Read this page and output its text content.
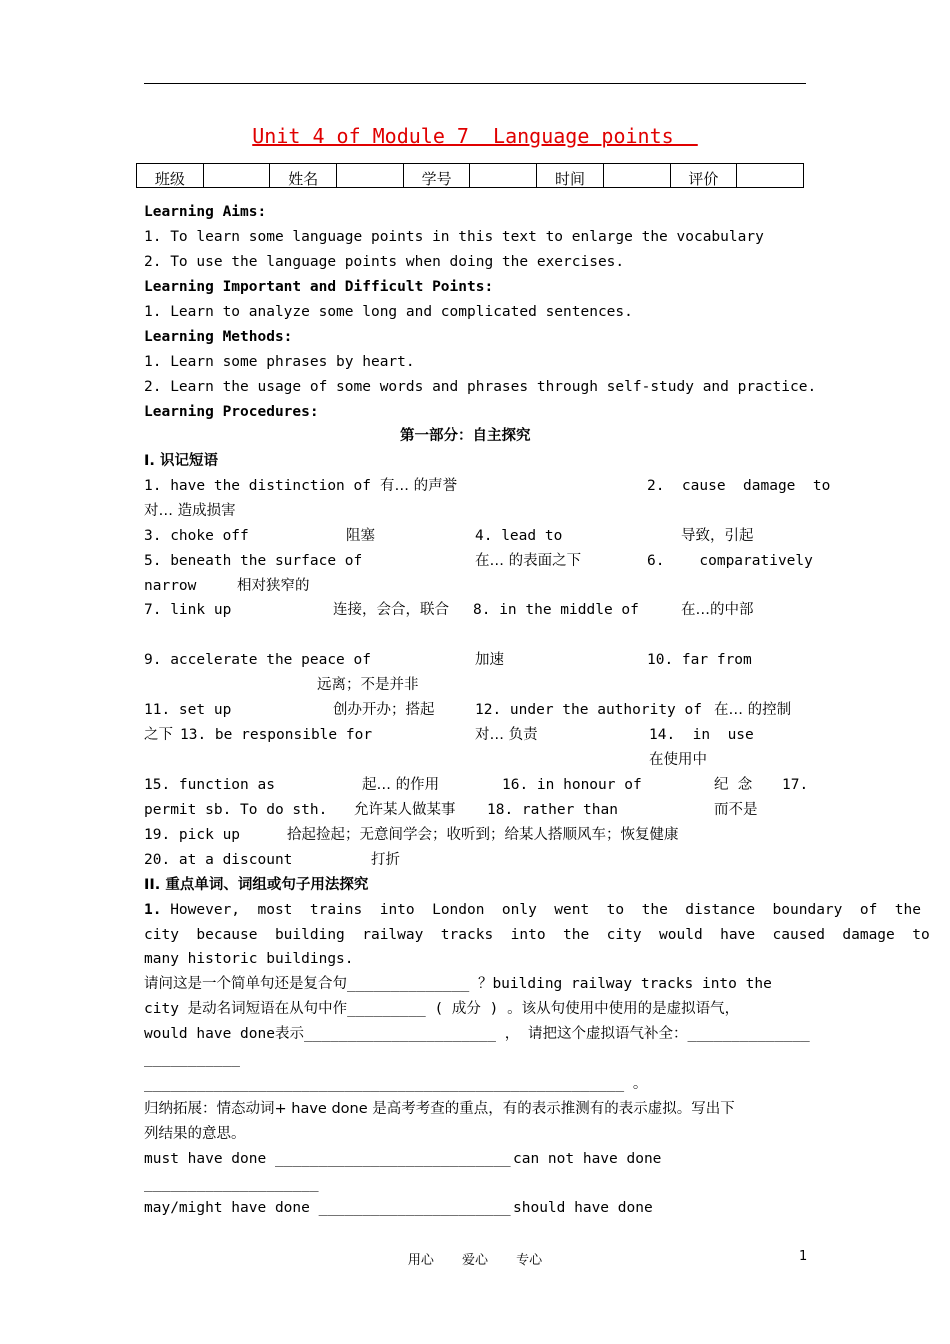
Unit 4 of Module 7  Language points
班级		姓名		学号		时间		评价	
Learning Aims:
1. To learn some language points in this text to enlarge the vocabulary
2. To use the language points when doing the exercises.
Learning Important and Difficult Points:
1. Learn to analyze some long and complicated sentences.
Learning Methods:
1. Learn some phrases by heart.
2. Learn the usage of some words and phrases through self-study and practice.
Learning Procedures:
第一部分：自主探究
Ⅰ. 识记短语
1. have the distinction of 有… 的声誉	2.  cause  damage  to
对… 造成损害
3. choke off	阻塞	4. lead to	导致，引起
5. beneath the surface of	在… 的表面之下	6.    comparatively
narrow	相对狭窄的
7. link up	连接，会合，联合 8. in the middle of	在…的中部
9. accelerate the peace of	加速	10. far from
远离；不是并非
11. set up	创办开办；搭起	12. under the authority of 在… 的控制
之下 13. be responsible for	对… 负责	14.  in  use
在使用中
15. function as	起… 的作用	16. in honour of	纪  念 17.
permit sb. To do sth. 允许某人做某事 18. rather than	而不是
19. pick up	拾起捡起；无意间学会；收听到；给某人搭顺风车；恢复健康
20. at a discount	打折
II. 重点单词、词组或句子用法探究
1. However,  most  trains  into  London  only  went  to  the  distance  boundary  of  the
city  because  building  railway  tracks  into  the  city  would  have  caused  damage  to
many historic buildings.
请问这是一个简单句还是复合句______________ ？building railway tracks into the
city 是动名词短语在从句中作_________ ( 成分 ) 。该从句使用中使用的是虚拟语气，
would have done表示______________________ ， 请把这个虚拟语气补全：______________
___________
_______________________________________________________ 。
归纳拓展：情态动词+ have done 是高考考查的重点，有的表示推测有的表示虚拟。写出下
列结果的意思。
must have done ___________________________ can not have done
____________________
may/might have done ______________________ should have done
用心 爱心 专心	1
